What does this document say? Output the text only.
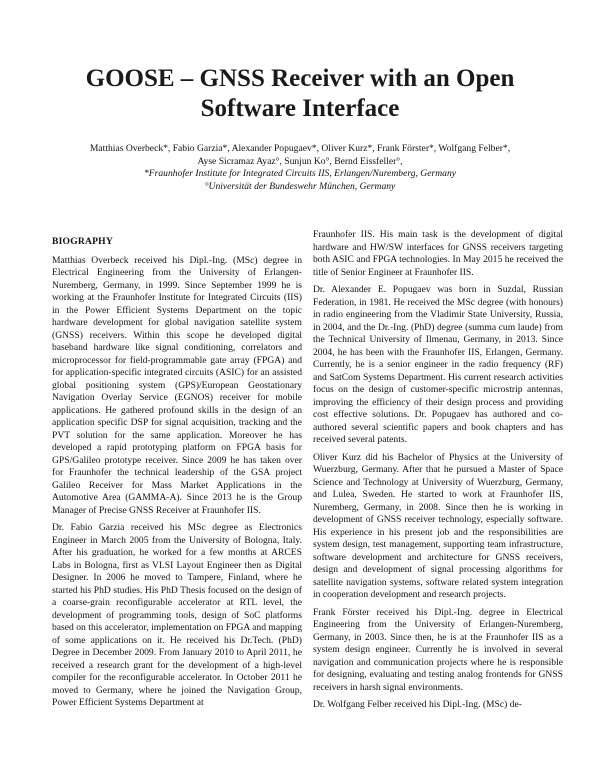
GOOSE – GNSS Receiver with an Open
Software Interface
Matthias Overbeck*, Fabio Garzia*, Alexander Popugaev*, Oliver Kurz*, Frank Förster*, Wolfgang Felber*,
Ayse Sicramaz Ayaz°, Sunjun Ko°, Bernd Eissfeller°,
*Fraunhofer Institute for Integrated Circuits IIS, Erlangen/Nuremberg, Germany
°Universität der Bundeswehr München, Germany
BIOGRAPHY

Matthias Overbeck received his Dipl.-Ing. (MSc) degree in Electrical Engineering from the University of Erlangen-Nuremberg, Germany, in 1999. Since September 1999 he is working at the Fraunhofer Institute for Integrated Circuits (IIS) in the Power Efficient Systems Department on the topic hardware development for global navigation satellite system (GNSS) receivers. Within this scope he developed digital baseband hardware like signal conditioning, correlators and microprocessor for field-programmable gate array (FPGA) and for application-specific integrated circuits (ASIC) for an assisted global positioning system (GPS)/European Geostationary Navigation Overlay Service (EGNOS) receiver for mobile applications. He gathered profound skills in the design of an application specific DSP for signal acquisition, tracking and the PVT solution for the same application. Moreover he has developed a rapid prototyping platform on FPGA basis for GPS/Galileo prototype receiver. Since 2009 he has taken over for Fraunhofer the technical leadership of the GSA project Galileo Receiver for Mass Market Applications in the Automotive Area (GAMMA-A). Since 2013 he is the Group Manager of Precise GNSS Receiver at Fraunhofer IIS.

Dr. Fabio Garzia received his MSc degree as Electronics Engineer in March 2005 from the University of Bologna, Italy. After his graduation, he worked for a few months at ARCES Labs in Bologna, first as VLSI Layout Engineer then as Digital Designer. In 2006 he moved to Tampere, Finland, where he started his PhD studies. His PhD Thesis focused on the design of a coarse-grain reconfigurable accelerator at RTL level, the development of programming tools, design of SoC platforms based on this accelerator, implementation on FPGA and mapping of some applications on it. He received his Dr.Tech. (PhD) Degree in December 2009. From January 2010 to April 2011, he received a research grant for the development of a high-level compiler for the reconfigurable accelerator. In October 2011 he moved to Germany, where he joined the Navigation Group, Power Efficient Systems Department at

Fraunhofer IIS. His main task is the development of digital hardware and HW/SW interfaces for GNSS receivers targeting both ASIC and FPGA technologies. In May 2015 he received the title of Senior Engineer at Fraunhofer IIS.

Dr. Alexander E. Popugaev was born in Suzdal, Russian Federation, in 1981. He received the MSc degree (with honours) in radio engineering from the Vladimir State University, Russia, in 2004, and the Dr.-Ing. (PhD) degree (summa cum laude) from the Technical University of Ilmenau, Germany, in 2013. Since 2004, he has been with the Fraunhofer IIS, Erlangen, Germany. Currently, he is a senior engineer in the radio frequency (RF) and SatCom Systems Department. His current research activities focus on the design of customer-specific microstrip antennas, improving the efficiency of their design process and providing cost effective solutions. Dr. Popugaev has authored and co-authored several scientific papers and book chapters and has received several patents.

Oliver Kurz did his Bachelor of Physics at the University of Wuerzburg, Germany. After that he pursued a Master of Space Science and Technology at University of Wuerzburg, Germany, and Lulea, Sweden. He started to work at Fraunhofer IIS, Nuremberg, Germany, in 2008. Since then he is working in development of GNSS receiver technology, especially software. His experience in his present job and the responsibilities are system design, test management, supporting team infrastructure, software development and architecture for GNSS receivers, design and development of signal processing algorithms for satellite navigation systems, software related system integration in cooperation development and research projects.

Frank Förster received his Dipl.-Ing. degree in Electrical Engineering from the University of Erlangen-Nuremberg, Germany, in 2003. Since then, he is at the Fraunhofer IIS as a system design engineer. Currently he is involved in several navigation and communication projects where he is responsible for designing, evaluating and testing analog frontends for GNSS receivers in harsh signal environments.

Dr. Wolfgang Felber received his Dipl.-Ing. (MSc) de-
